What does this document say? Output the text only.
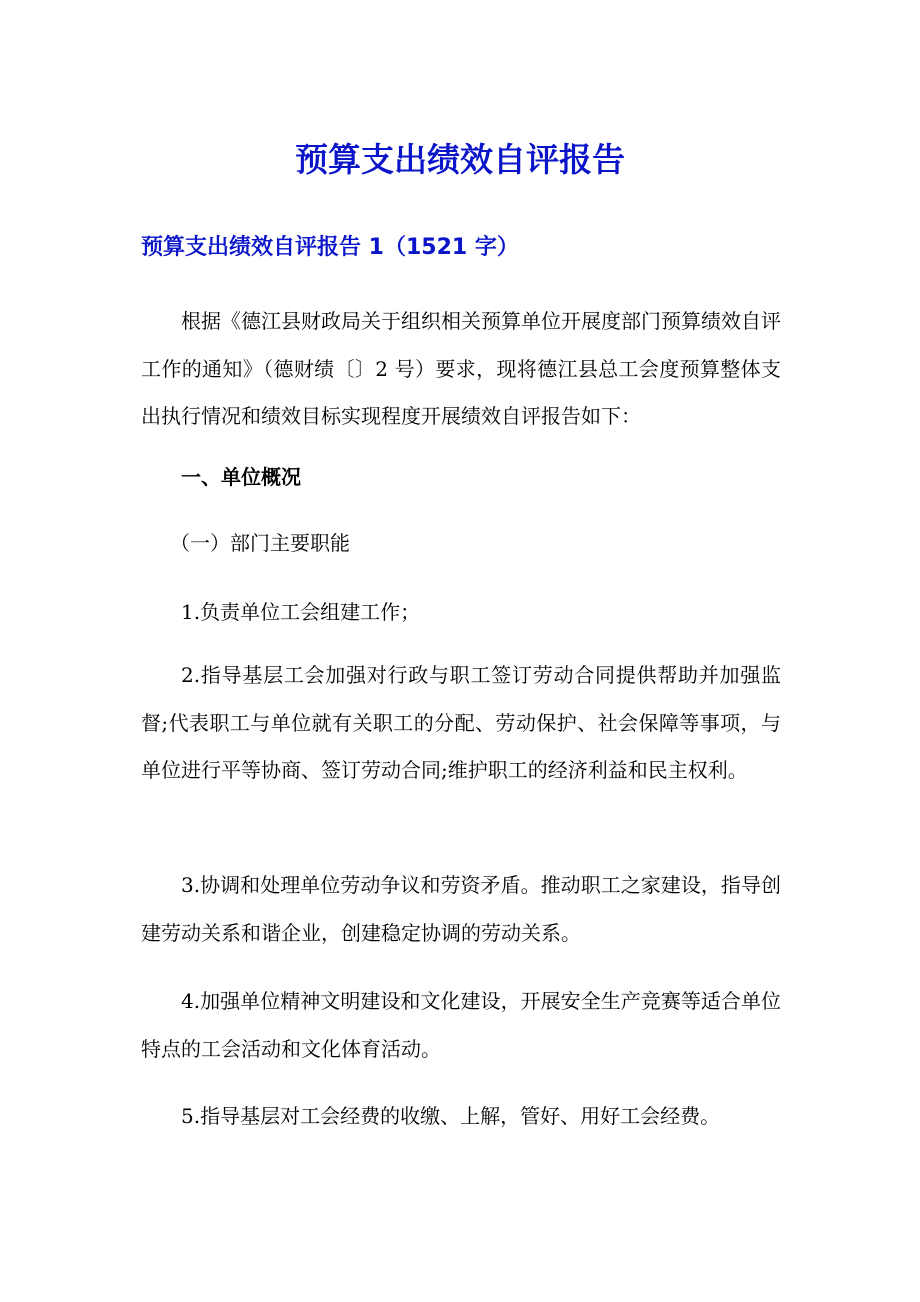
预算支出绩效自评报告
预算支出绩效自评报告 1（1521 字）

根据《德江县财政局关于组织相关预算单位开展度部门预算绩效自评工作的通知》（德财绩〔〕2 号）要求，现将德江县总工会度预算整体支出执行情况和绩效目标实现程度开展绩效自评报告如下：

一、单位概况

（一）部门主要职能

1.负责单位工会组建工作；

2.指导基层工会加强对行政与职工签订劳动合同提供帮助并加强监督;代表职工与单位就有关职工的分配、劳动保护、社会保障等事项，与单位进行平等协商、签订劳动合同;维护职工的经济利益和民主权利。

3.协调和处理单位劳动争议和劳资矛盾。推动职工之家建设，指导创建劳动关系和谐企业，创建稳定协调的劳动关系。

4.加强单位精神文明建设和文化建设，开展安全生产竞赛等适合单位特点的工会活动和文化体育活动。

5.指导基层对工会经费的收缴、上解，管好、用好工会经费。
